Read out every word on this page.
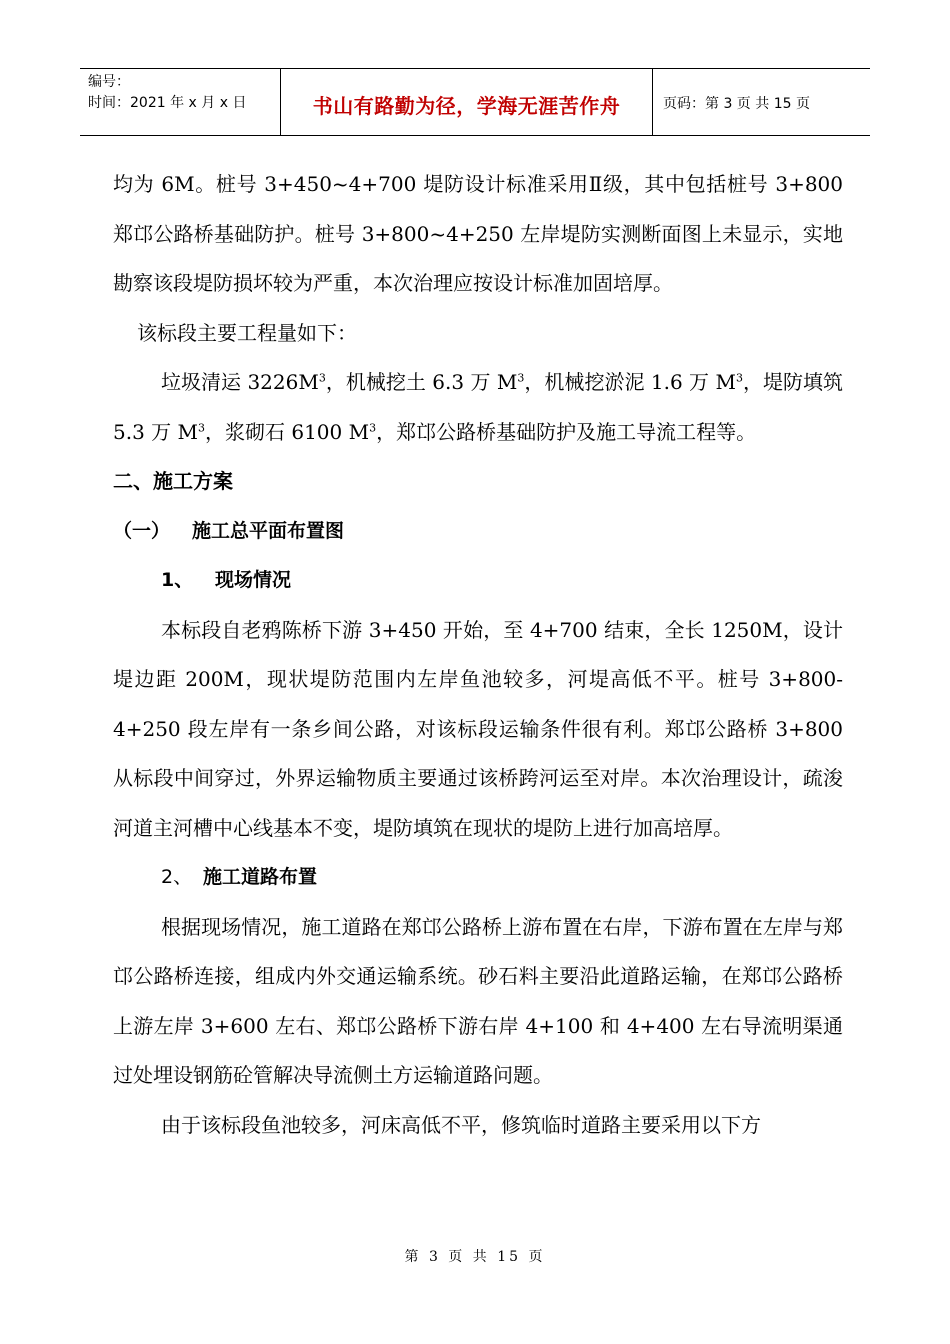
编号：
时间：2021 年 x 月 x 日	书山有路勤为径，学海无涯苦作舟	页码：第 3 页 共 15 页

均为 6M。桩号 3+450~4+700 堤防设计标准采用Ⅱ级，其中包括桩号 3+800 郑邙公路桥基础防护。桩号 3+800~4+250 左岸堤防实测断面图上未显示，实地勘察该段堤防损坏较为严重，本次治理应按设计标准加固培厚。

该标段主要工程量如下：

垃圾清运 $3226M^3$，机械挖土 6.3 万 $M^3$，机械挖淤泥 1.6 万 $M^3$，堤防填筑 5.3 万 $M^3$，浆砌石 6100 $M^3$，郑邙公路桥基础防护及施工导流工程等。

二、施工方案

（一） 施工总平面布置图

1、 现场情况

本标段自老鸦陈桥下游 3+450 开始，至 4+700 结束，全长 1250M，设计堤边距 200M，现状堤防范围内左岸鱼池较多，河堤高低不平。桩号 3+800-4+250 段左岸有一条乡间公路，对该标段运输条件很有利。郑邙公路桥 3+800 从标段中间穿过，外界运输物质主要通过该桥跨河运至对岸。本次治理设计，疏浚河道主河槽中心线基本不变，堤防填筑在现状的堤防上进行加高培厚。

2、 施工道路布置

根据现场情况，施工道路在郑邙公路桥上游布置在右岸，下游布置在左岸与郑邙公路桥连接，组成内外交通运输系统。砂石料主要沿此道路运输，在郑邙公路桥上游左岸 3+600 左右、郑邙公路桥下游右岸 4+100 和 4+400 左右导流明渠通过处埋设钢筋砼管解决导流侧土方运输道路问题。

由于该标段鱼池较多，河床高低不平，修筑临时道路主要采用以下方

第 3 页 共 15 页
